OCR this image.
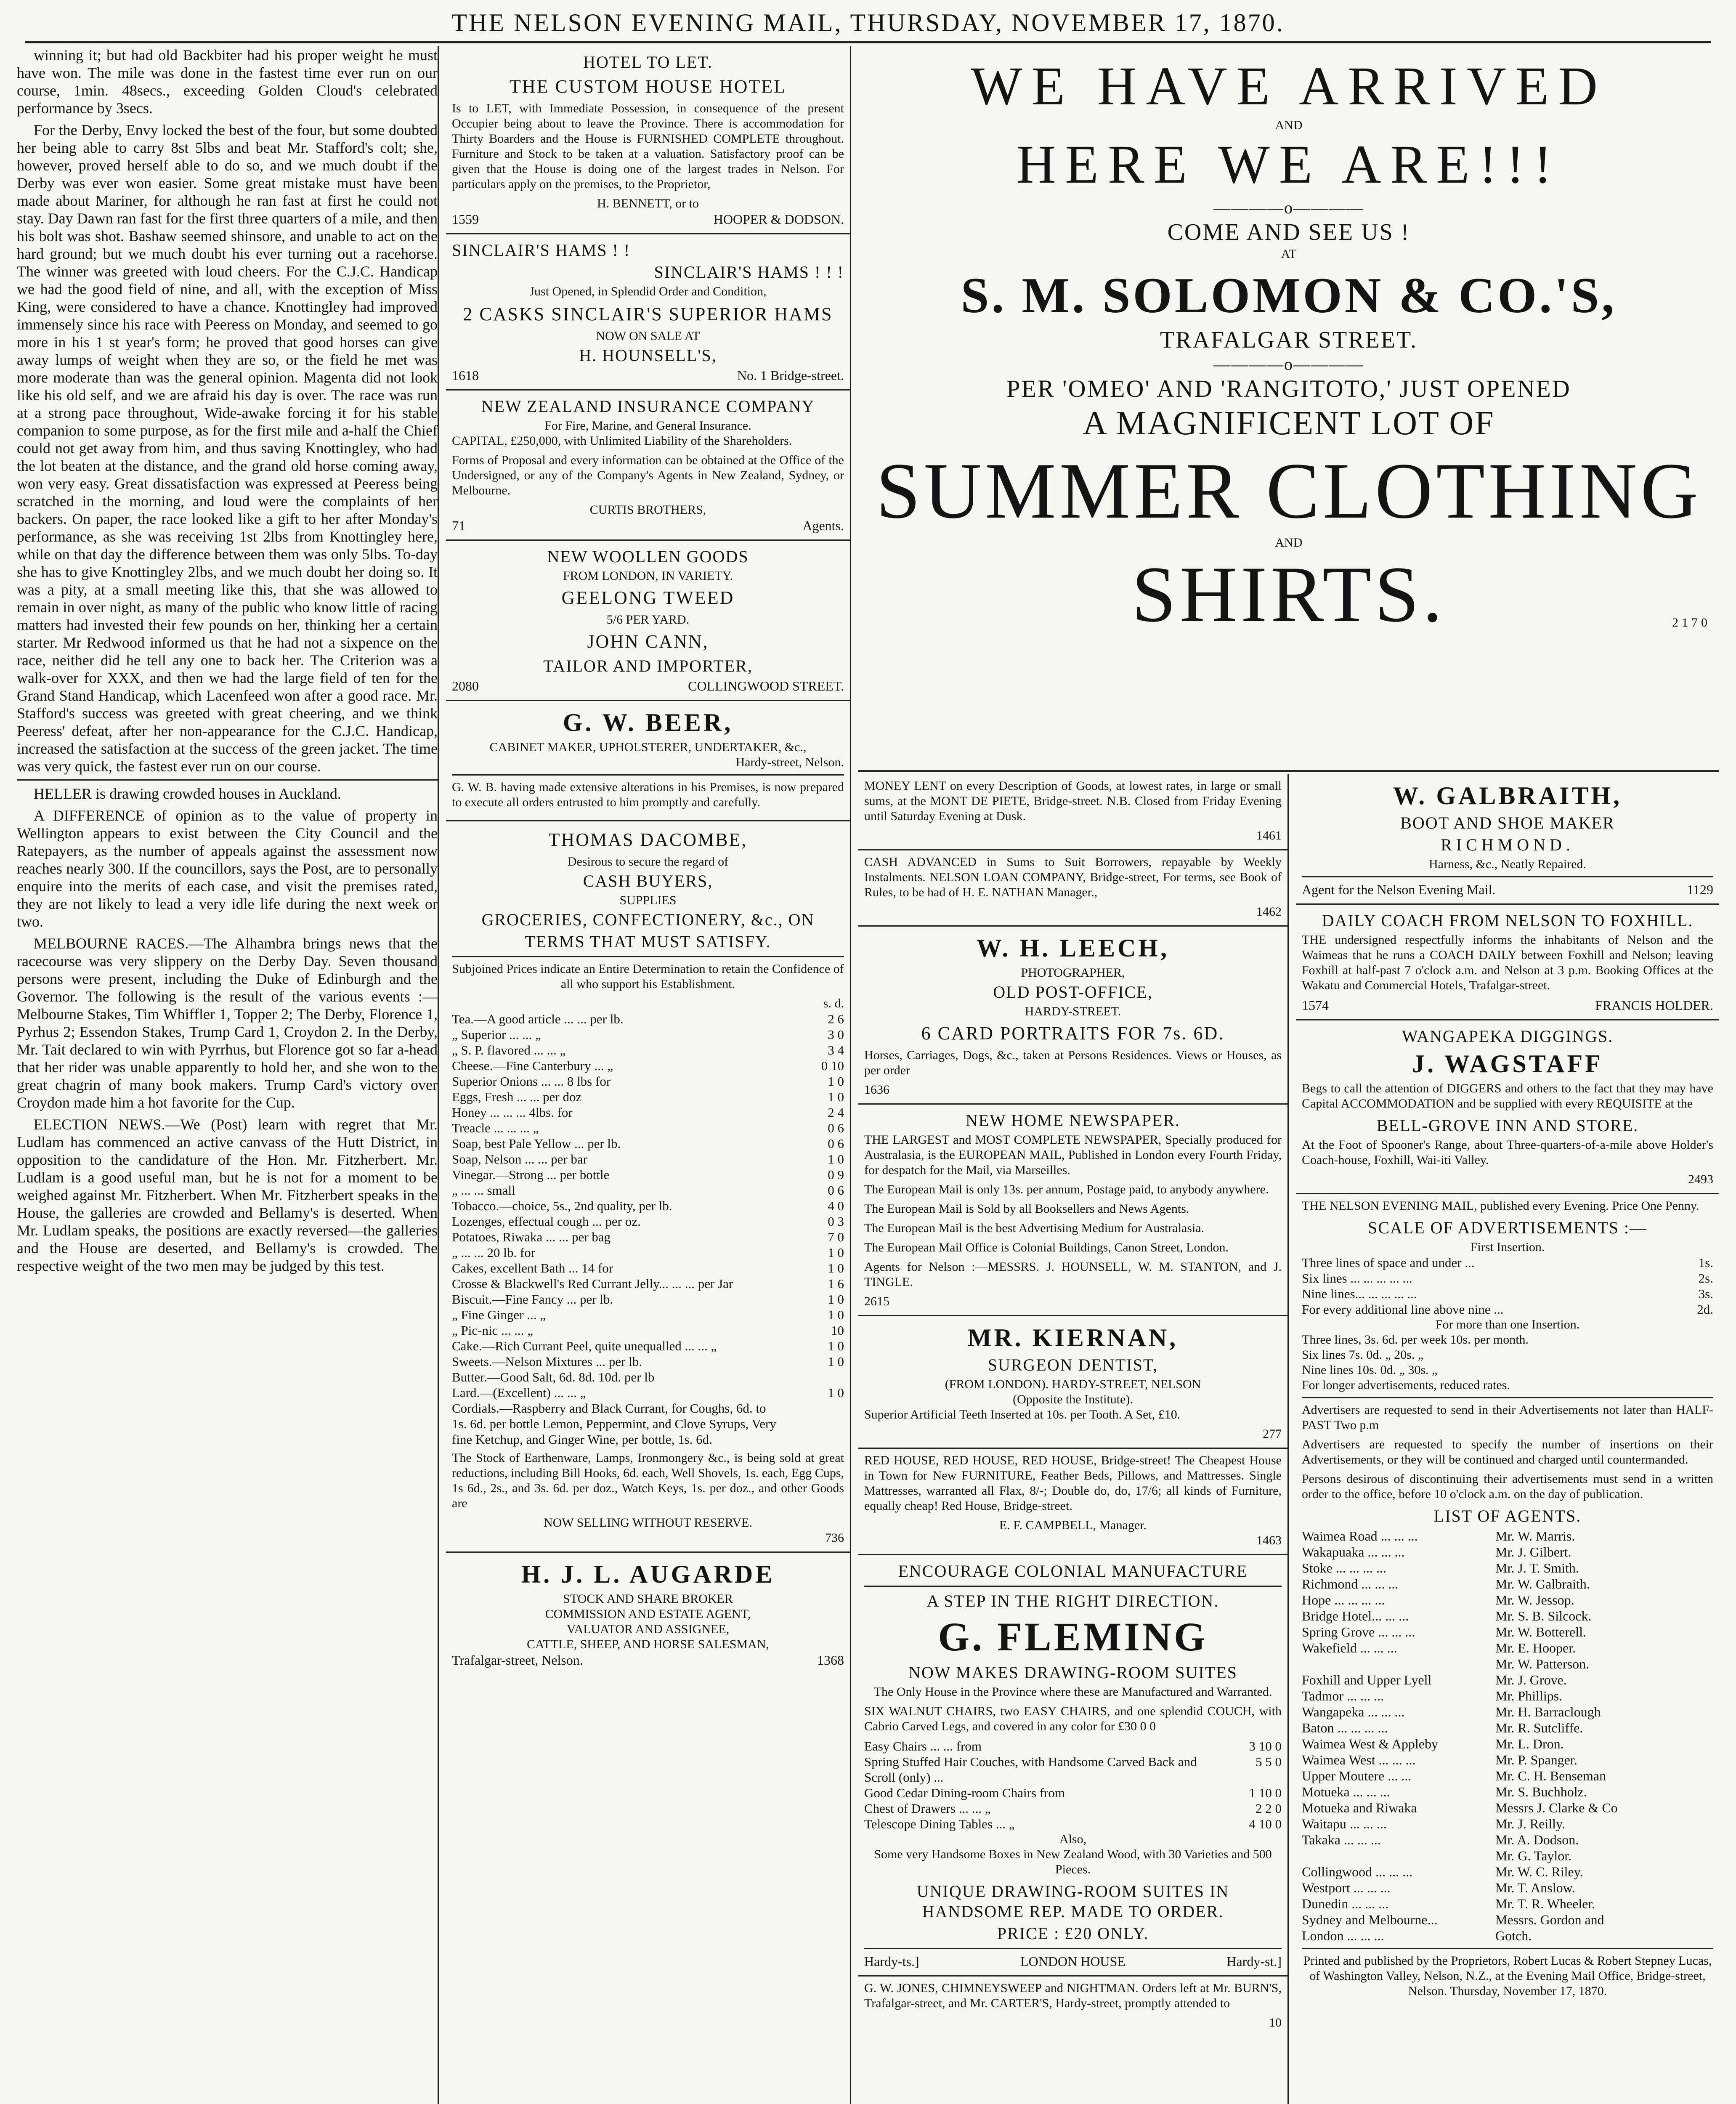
THE NELSON EVENING MAIL, THURSDAY, NOVEMBER 17, 1870.

winning it; but had old Backbiter had his proper weight he must have won. The mile was done in the fastest time ever run on our course, 1min. 48secs., exceeding Golden Cloud's celebrated performance by 3secs.

For the Derby, Envy locked the best of the four, but some doubted her being able to carry 8st 5lbs and beat Mr. Stafford's colt; she, however, proved herself able to do so, and we much doubt if the Derby was ever won easier. Some great mistake must have been made about Mariner, for although he ran fast at first he could not stay. Day Dawn ran fast for the first three quarters of a mile, and then his bolt was shot. Bashaw seemed shinsore, and unable to act on the hard ground; but we much doubt his ever turning out a racehorse. The winner was greeted with loud cheers. For the C.J.C. Handicap we had the good field of nine, and all, with the exception of Miss King, were considered to have a chance. Knottingley had improved immensely since his race with Peeress on Monday, and seemed to go more in his 1 st year's form; he proved that good horses can give away lumps of weight when they are so, or the field he met was more moderate than was the general opinion. Magenta did not look like his old self, and we are afraid his day is over. The race was run at a strong pace throughout, Wide-awake forcing it for his stable companion to some purpose, as for the first mile and a-half the Chief could not get away from him, and thus saving Knottingley, who had the lot beaten at the distance, and the grand old horse coming away, won very easy. Great dissatisfaction was expressed at Peeress being scratched in the morning, and loud were the complaints of her backers. On paper, the race looked like a gift to her after Monday's performance, as she was receiving 1st 2lbs from Knottingley here, while on that day the difference between them was only 5lbs. To-day she has to give Knottingley 2lbs, and we much doubt her doing so. It was a pity, at a small meeting like this, that she was allowed to remain in over night, as many of the public who know little of racing matters had invested their few pounds on her, thinking her a certain starter. Mr Redwood informed us that he had not a sixpence on the race, neither did he tell any one to back her. The Criterion was a walk-over for XXX, and then we had the large field of ten for the Grand Stand Handicap, which Lacenfeed won after a good race. Mr. Stafford's success was greeted with great cheering, and we think Peeress' defeat, after her non-appearance for the C.J.C. Handicap, increased the satisfaction at the success of the green jacket. The time was very quick, the fastest ever run on our course.

HELLER is drawing crowded houses in Auckland.

A DIFFERENCE of opinion as to the value of property in Wellington appears to exist between the City Council and the Ratepayers, as the number of appeals against the assessment now reaches nearly 300. If the councillors, says the Post, are to personally enquire into the merits of each case, and visit the premises rated, they are not likely to lead a very idle life during the next week or two.

MELBOURNE RACES.—The Alhambra brings news that the racecourse was very slippery on the Derby Day. Seven thousand persons were present, including the Duke of Edinburgh and the Governor. The following is the result of the various events :—Melbourne Stakes, Tim Whiffler 1, Topper 2; The Derby, Florence 1, Pyrhus 2; Essendon Stakes, Trump Card 1, Croydon 2. In the Derby, Mr. Tait declared to win with Pyrrhus, but Florence got so far a-head that her rider was unable apparently to hold her, and she won to the great chagrin of many book makers. Trump Card's victory over Croydon made him a hot favorite for the Cup.

ELECTION NEWS.—We (Post) learn with regret that Mr. Ludlam has commenced an active canvass of the Hutt District, in opposition to the candidature of the Hon. Mr. Fitzherbert. Mr. Ludlam is a good useful man, but he is not for a moment to be weighed against Mr. Fitzherbert. When Mr. Fitzherbert speaks in the House, the galleries are crowded and Bellamy's is deserted. When Mr. Ludlam speaks, the positions are exactly reversed—the galleries and the House are deserted, and Bellamy's is crowded. The respective weight of the two men may be judged by this test.

HOTEL TO LET.
THE CUSTOM HOUSE HOTEL

Is to LET, with Immediate Possession, in consequence of the present Occupier being about to leave the Province. There is accommodation for Thirty Boarders and the House is FURNISHED COMPLETE throughout. Furniture and Stock to be taken at a valuation. Satisfactory proof can be given that the House is doing one of the largest trades in Nelson. For particulars apply on the premises, to the Proprietor,

H. BENNETT, or to
1559	HOOPER & DODSON.
SINCLAIR'S HAMS ! !
SINCLAIR'S HAMS ! ! !

Just Opened, in Splendid Order and Condition,

2 CASKS SINCLAIR'S SUPERIOR HAMS
NOW ON SALE AT
H. HOUNSELL'S,
1618	No. 1 Bridge-street.
NEW ZEALAND INSURANCE COMPANY
For Fire, Marine, and General Insurance.

CAPITAL, £250,000, with Unlimited Liability of the Shareholders.

Forms of Proposal and every information can be obtained at the Office of the Undersigned, or any of the Company's Agents in New Zealand, Sydney, or Melbourne.

CURTIS BROTHERS,
71	Agents.
NEW WOOLLEN GOODS
FROM LONDON, IN VARIETY.
GEELONG TWEED
5/6 PER YARD.
JOHN CANN,
TAILOR AND IMPORTER,
2080	COLLINGWOOD STREET.
G. W. BEER,
CABINET MAKER, UPHOLSTERER, UNDERTAKER, &c.,
Hardy-street, Nelson.

G. W. B. having made extensive alterations in his Premises, is now prepared to execute all orders entrusted to him promptly and carefully.

THOMAS DACOMBE,
Desirous to secure the regard of
CASH BUYERS,
SUPPLIES
GROCERIES, CONFECTIONERY, &c., ON
TERMS THAT MUST SATISFY.

Subjoined Prices indicate an Entire Determination to retain the Confidence of all who support his Establishment.

s. d.
Tea.—A good article ... ... per lb.	2 6
„ Superior ... ... „	3 0
„ S. P. flavored ... ... „	3 4
Cheese.—Fine Canterbury ... „	0 10
Superior Onions ... ... 8 lbs for	1 0
Eggs, Fresh ... ... per doz	1 0
Honey ... ... ... 4lbs. for	2 4
Treacle ... ... ... „	0 6
Soap, best Pale Yellow ... per lb.	0 6
Soap, Nelson ... ... per bar	1 0
Vinegar.—Strong ... per bottle	0 9
„ ... ... small	0 6
Tobacco.—choice, 5s., 2nd quality, per lb.	4 0
Lozenges, effectual cough ... per oz.	0 3
Potatoes, Riwaka ... ... per bag	7 0
„ ... ... 20 lb. for	1 0
Cakes, excellent Bath ... 14 for	1 0
Crosse & Blackwell's Red Currant Jelly... ... ... per Jar	1 6
Biscuit.—Fine Fancy ... per lb.	1 0
„ Fine Ginger ... „	1 0
„ Pic-nic ... ... „	10
Cake.—Rich Currant Peel, quite unequalled ... ... „	1 0
Sweets.—Nelson Mixtures ... per lb.	1 0
Butter.—Good Salt, 6d. 8d. 10d. per lb
Lard.—(Excellent) ... ... „	1 0
Cordials.—Raspberry and Black Currant, for Coughs, 6d. to 1s. 6d. per bottle Lemon, Peppermint, and Clove Syrups, Very fine Ketchup, and Ginger Wine, per bottle, 1s. 6d.

The Stock of Earthenware, Lamps, Ironmongery &c., is being sold at great reductions, including Bill Hooks, 6d. each, Well Shovels, 1s. each, Egg Cups, 1s 6d., 2s., and 3s. 6d. per doz., Watch Keys, 1s. per doz., and other Goods are

NOW SELLING WITHOUT RESERVE.
736
H. J. L. AUGARDE
STOCK AND SHARE BROKER
COMMISSION AND ESTATE AGENT,
VALUATOR AND ASSIGNEE,
CATTLE, SHEEP, AND HORSE SALESMAN,
Trafalgar-street, Nelson.	1368
WE HAVE ARRIVED
AND
HERE WE ARE!!!
————o————
COME AND SEE US !
AT
S. M. SOLOMON & CO.'S,
TRAFALGAR STREET.
————o————
PER 'OMEO' AND 'RANGITOTO,' JUST OPENED
A MAGNIFICENT LOT OF
SUMMER CLOTHING
AND
SHIRTS.	2170

MONEY LENT on every Description of Goods, at lowest rates, in large or small sums, at the MONT DE PIETE, Bridge-street. N.B. Closed from Friday Evening until Saturday Evening at Dusk.

1461

CASH ADVANCED in Sums to Suit Borrowers, repayable by Weekly Instalments. NELSON LOAN COMPANY, Bridge-street, For terms, see Book of Rules, to be had of H. E. NATHAN Manager.,

1462
W. H. LEECH,
PHOTOGRAPHER,
OLD POST-OFFICE,
HARDY-STREET.
6 CARD PORTRAITS FOR 7s. 6D.

Horses, Carriages, Dogs, &c., taken at Persons Residences. Views or Houses, as per order

1636
NEW HOME NEWSPAPER.

THE LARGEST and MOST COMPLETE NEWSPAPER, Specially produced for Australasia, is the EUROPEAN MAIL, Published in London every Fourth Friday, for despatch for the Mail, via Marseilles.

The European Mail is only 13s. per annum, Postage paid, to anybody anywhere.

The European Mail is Sold by all Booksellers and News Agents.

The European Mail is the best Advertising Medium for Australasia.

The European Mail Office is Colonial Buildings, Canon Street, London.

Agents for Nelson :—MESSRS. J. HOUNSELL, W. M. STANTON, and J. TINGLE.

2615
MR. KIERNAN,
SURGEON DENTIST,
(FROM LONDON). HARDY-STREET, NELSON
(Opposite the Institute).

Superior Artificial Teeth Inserted at 10s. per Tooth. A Set, £10.

277

RED HOUSE, RED HOUSE, RED HOUSE, Bridge-street! The Cheapest House in Town for New FURNITURE, Feather Beds, Pillows, and Mattresses. Single Mattresses, warranted all Flax, 8/-; Double do, do, 17/6; all kinds of Furniture, equally cheap! Red House, Bridge-street.

E. F. CAMPBELL, Manager.
1463
ENCOURAGE COLONIAL MANUFACTURE
A STEP IN THE RIGHT DIRECTION.
G. FLEMING
NOW MAKES DRAWING-ROOM SUITES

The Only House in the Province where these are Manufactured and Warranted.

SIX WALNUT CHAIRS, two EASY CHAIRS, and one splendid COUCH, with Cabrio Carved Legs, and covered in any color for £30 0 0

Easy Chairs ... ... from	3 10 0
Spring Stuffed Hair Couches, with Handsome Carved Back and Scroll (only) ...
5 5 0
Good Cedar Dining-room Chairs from	1 10 0
Chest of Drawers ... ... „	2 2 0
Telescope Dining Tables ... „	4 10 0
Also,

Some very Handsome Boxes in New Zealand Wood, with 30 Varieties and 500 Pieces.

UNIQUE DRAWING-ROOM SUITES IN HANDSOME REP. MADE TO ORDER.
PRICE : £20 ONLY.
Hardy-ts.]	LONDON HOUSE	Hardy-st.]

G. W. JONES, CHIMNEYSWEEP and NIGHTMAN. Orders left at Mr. BURN'S, Trafalgar-street, and Mr. CARTER'S, Hardy-street, promptly attended to

10
W. GALBRAITH,
BOOT AND SHOE MAKER
RICHMOND.
Harness, &c., Neatly Repaired.
Agent for the Nelson Evening Mail.	1129
DAILY COACH FROM NELSON TO FOXHILL.

THE undersigned respectfully informs the inhabitants of Nelson and the Waimeas that he runs a COACH DAILY between Foxhill and Nelson; leaving Foxhill at half-past 7 o'clock a.m. and Nelson at 3 p.m. Booking Offices at the Wakatu and Commercial Hotels, Trafalgar-street.

1574	FRANCIS HOLDER.
WANGAPEKA DIGGINGS.
J. WAGSTAFF

Begs to call the attention of DIGGERS and others to the fact that they may have Capital ACCOMMODATION and be supplied with every REQUISITE at the

BELL-GROVE INN AND STORE.

At the Foot of Spooner's Range, about Three-quarters-of-a-mile above Holder's Coach-house, Foxhill, Wai-iti Valley.

2493

THE NELSON EVENING MAIL, published every Evening. Price One Penny.

SCALE OF ADVERTISEMENTS :—
First Insertion.
Three lines of space and under ...	1s.
Six lines ... ... ... ... ...	2s.
Nine lines... ... ... ... ...	3s.
For every additional line above nine ...	2d.
For more than one Insertion.
Three lines, 3s. 6d. per week 10s. per month.
Six lines 7s. 0d. „ 20s. „
Nine lines 10s. 0d. „ 30s. „
For longer advertisements, reduced rates.

Advertisers are requested to send in their Advertisements not later than HALF-PAST Two p.m

Advertisers are requested to specify the number of insertions on their Advertisements, or they will be continued and charged until countermanded.

Persons desirous of discontinuing their advertisements must send in a written order to the office, before 10 o'clock a.m. on the day of publication.

LIST OF AGENTS.
Waimea Road ... ... ...	Mr. W. Marris.
Wakapuaka ... ... ...	Mr. J. Gilbert.
Stoke ... ... ... ...	Mr. J. T. Smith.
Richmond ... ... ...	Mr. W. Galbraith.
Hope ... ... ... ...	Mr. W. Jessop.
Bridge Hotel... ... ...	Mr. S. B. Silcock.
Spring Grove ... ... ...	Mr. W. Botterell.
Wakefield ... ... ...	Mr. E. Hooper.
Mr. W. Patterson.
Foxhill and Upper Lyell	Mr. J. Grove.
Tadmor ... ... ...	Mr. Phillips.
Wangapeka ... ... ...	Mr. H. Barraclough
Baton ... ... ... ...	Mr. R. Sutcliffe.
Waimea West & Appleby	Mr. L. Dron.
Waimea West ... ... ...	Mr. P. Spanger.
Upper Moutere ... ...	Mr. C. H. Benseman
Motueka ... ... ...	Mr. S. Buchholz.
Motueka and Riwaka	Messrs J. Clarke & Co
Waitapu ... ... ...	Mr. J. Reilly.
Takaka ... ... ...	Mr. A. Dodson.
Mr. G. Taylor.
Collingwood ... ... ...	Mr. W. C. Riley.
Westport ... ... ...	Mr. T. Anslow.
Dunedin ... ... ...	Mr. T. R. Wheeler.
Sydney and Melbourne...	Messrs. Gordon and
London ... ... ...	Gotch.

Printed and published by the Proprietors, Robert Lucas & Robert Stepney Lucas, of Washington Valley, Nelson, N.Z., at the Evening Mail Office, Bridge-street, Nelson. Thursday, November 17, 1870.
